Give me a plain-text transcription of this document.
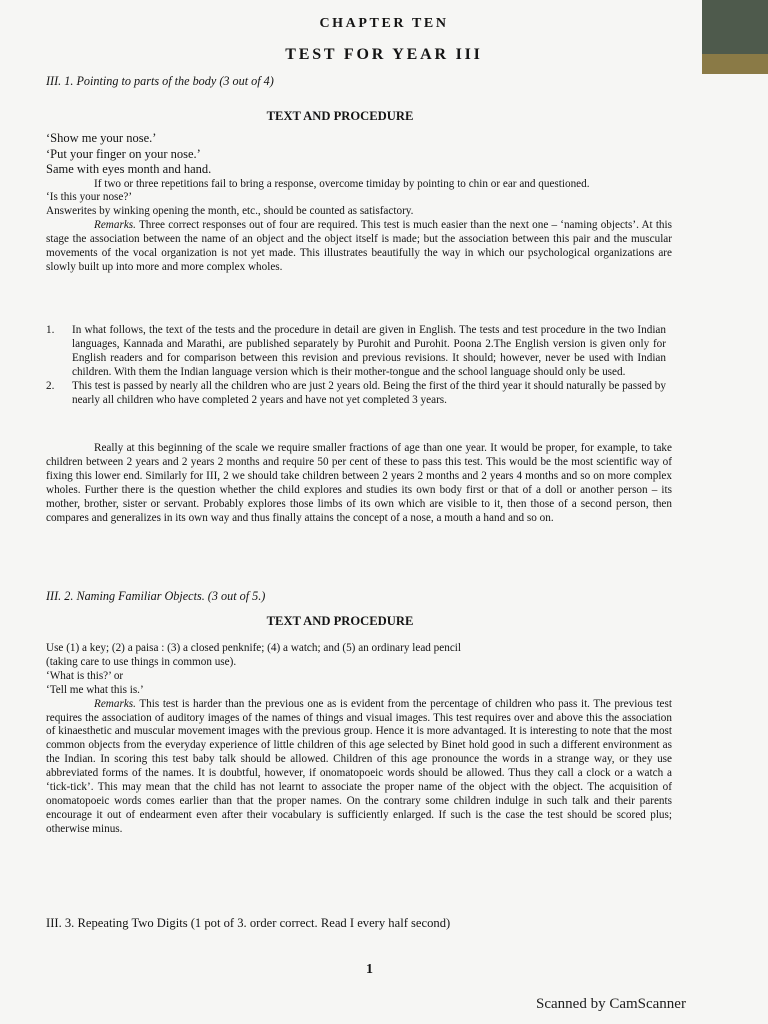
CHAPTER TEN
TEST FOR YEAR III
III. 1. Pointing to parts of the body (3 out of 4)
TEXT AND PROCEDURE

‘Show me your nose.’

‘Put your finger on your nose.’

Same with eyes month and hand.

If two or three repetitions fail to bring a response, overcome timiday by pointing to chin or ear and questioned.

‘Is this your nose?’

Answerites by winking opening the month, etc., should be counted as satisfactory.

Remarks. Three correct responses out of four are required. This test is much easier than the next one – ‘naming objects’. At this stage the association between the name of an object and the object itself is made; but the association between this pair and the muscular movements of the vocal organization is not yet made. This illustrates beautifully the way in which our psychological organizations are slowly built up into more and more complex wholes.

1. In what follows, the text of the tests and the procedure in detail are given in English. The tests and test procedure in the two Indian languages, Kannada and Marathi, are published separately by Purohit and Purohit. Poona 2.The English version is given only for English readers and for comparison between this revision and previous revisions. It should; however, never be used with Indian children. With them the Indian language version which is their mother-tongue and the school language should only be used.
2. This test is passed by nearly all the children who are just 2 years old. Being the first of the third year it should naturally be passed by nearly all children who have completed 2 years and have not yet completed 3 years.

Really at this beginning of the scale we require smaller fractions of age than one year. It would be proper, for example, to take children between 2 years and 2 years 2 months and require 50 per cent of these to pass this test. This would be the most scientific way of fixing this lower end. Similarly for III, 2 we should take children between 2 years 2 months and 2 years 4 months and so on more complex wholes. Further there is the question whether the child explores and studies its own body first or that of a doll or another person – its mother, brother, sister or servant. Probably explores those limbs of its own which are visible to it, then those of a second person, then compares and generalizes in its own way and thus finally attains the concept of a nose, a mouth a hand and so on.

III. 2. Naming Familiar Objects. (3 out of 5.)
TEXT AND PROCEDURE

Use (1) a key; (2) a paisa : (3) a closed penknife; (4) a watch; and (5) an ordinary lead pencil

(taking care to use things in common use).

‘What is this?’ or

‘Tell me what this is.’

Remarks. This test is harder than the previous one as is evident from the percentage of children who pass it. The previous test requires the association of auditory images of the names of things and visual images. This test requires over and above this the association of kinaesthetic and muscular movement images with the previous group. Hence it is more advantaged. It is interesting to note that the most common objects from the everyday experience of little children of this age selected by Binet hold good in such a different environment as the Indian. In scoring this test baby talk should be allowed. Children of this age pronounce the words in a strange way, or they use abbreviated forms of the names. It is doubtful, however, if onomatopoeic words should be allowed. Thus they call a clock or a watch a ‘tick-tick’. This may mean that the child has not learnt to associate the proper name of the object with the object. The acquisition of onomatopoeic words comes earlier than that the proper names. On the contrary some children indulge in such talk and their parents encourage it out of endearment even after their vocabulary is sufficiently enlarged. If such is the case the test should be scored plus; otherwise minus.

III. 3. Repeating Two Digits (1 pot of 3. order correct. Read I every half second)
1
Scanned by CamScanner
